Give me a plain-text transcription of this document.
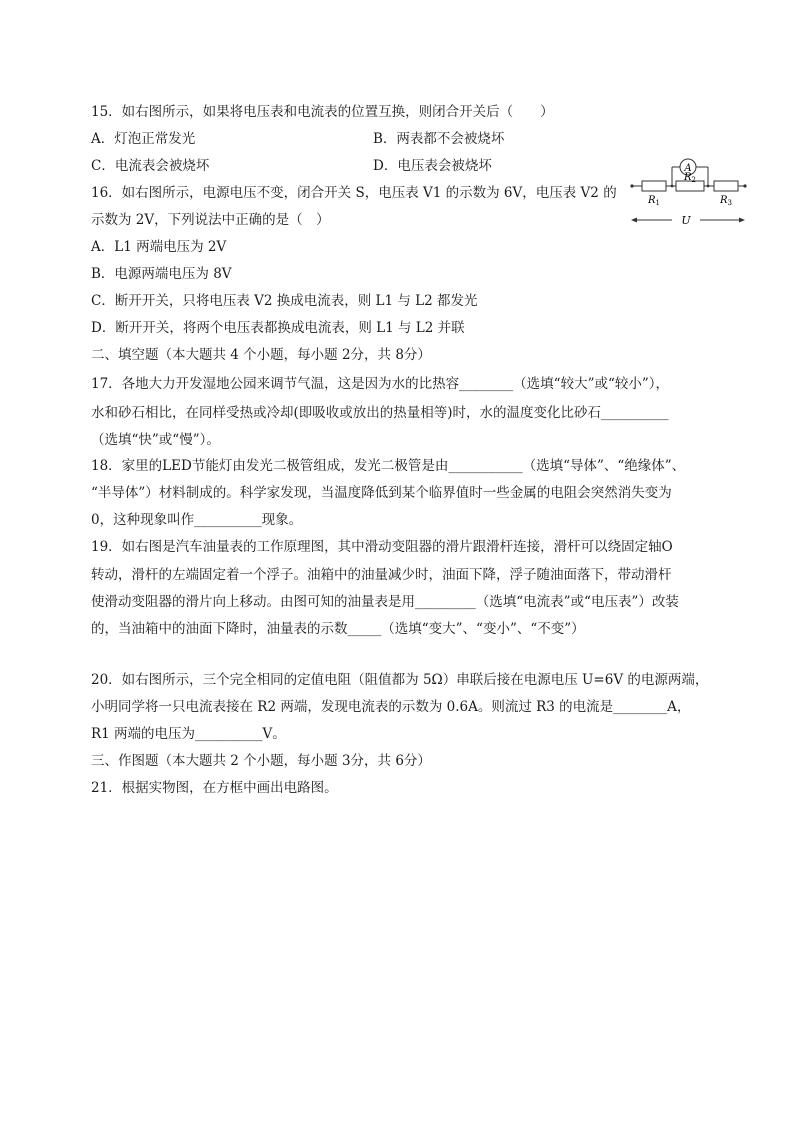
15．如右图所示，如果将电压表和电流表的位置互换，则闭合开关后（　　）
A．灯泡正常发光	B．两表都不会被烧坏
C．电流表会被烧坏	D．电压表会被烧坏
16．如右图所示，电源电压不变，闭合开关 S，电压表 V1 的示数为 6V，电压表 V2 的
示数为 2V，下列说法中正确的是（　）
A．L1 两端电压为 2V
B．电源两端电压为 8V
C．断开开关，只将电压表 V2 换成电流表，则 L1 与 L2 都发光
D．断开开关，将两个电压表都换成电流表，则 L1 与 L2 并联
二、填空题（本大题共 4 个小题，每小题 2分，共 8分）
17．各地大力开发湿地公园来调节气温，这是因为水的比热容________（选填“较大”或“较小”），
水和砂石相比，在同样受热或冷却(即吸收或放出的热量相等)时，水的温度变化比砂石__________
（选填“快”或“慢”）。
18．家里的LED节能灯由发光二极管组成，发光二极管是由___________（选填“导体”、“绝缘体”、
“半导体”）材料制成的。科学家发现，当温度降低到某个临界值时一些金属的电阻会突然消失变为
0，这种现象叫作__________现象。
19．如右图是汽车油量表的工作原理图，其中滑动变阻器的滑片跟滑杆连接，滑杆可以绕固定轴O
转动，滑杆的左端固定着一个浮子。油箱中的油量减少时，油面下降，浮子随油面落下，带动滑杆
使滑动变阻器的滑片向上移动。由图可知的油量表是用_________（选填“电流表”或“电压表”）改装
的，当油箱中的油面下降时，油量表的示数_____（选填“变大”、“变小”、“不变”）
20．如右图所示，三个完全相同的定值电阻（阻值都为 5Ω）串联后接在电源电压 U=6V 的电源两端，
小明同学将一只电流表接在 R2 两端，发现电流表的示数为 0.6A。则流过 R3 的电流是________A，
R1 两端的电压为__________V。
三、作图题（本大题共 2 个小题，每小题 3分，共 6分）
21．根据实物图，在方框中画出电路图。
A
$R_1$
$R_2$
$R_3$
U
